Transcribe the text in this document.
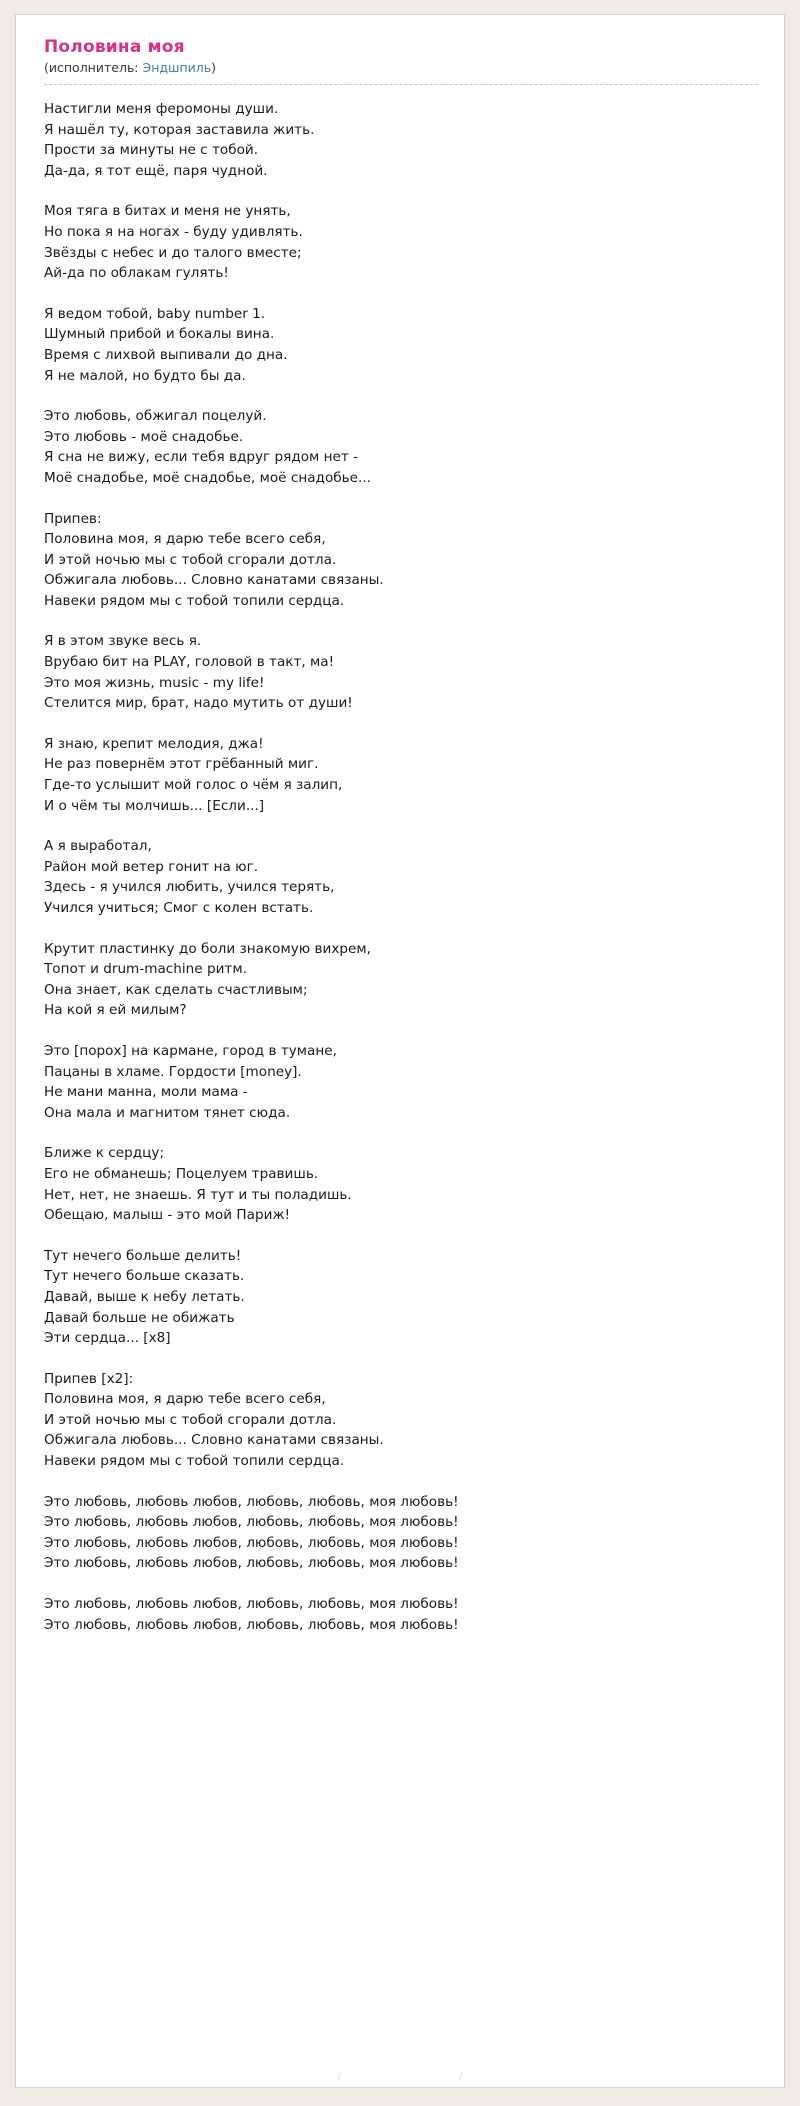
Половина моя
(исполнитель: Эндшпиль)
Настигли меня феромоны души.
Я нашёл ту, которая заставила жить.
Прости за минуты не с тобой.
Да-да, я тот ещё, паря чудной.
Моя тяга в битах и меня не унять,
Но пока я на ногах - буду удивлять.
Звёзды с небес и до талого вместе;
Ай-да по облакам гулять!
Я ведом тобой, baby number 1.
Шумный прибой и бокалы вина.
Время с лихвой выпивали до дна.
Я не малой, но будто бы да.
Это любовь, обжигал поцелуй.
Это любовь - моё снадобье.
Я сна не вижу, если тебя вдруг рядом нет -
Моё снадобье, моё снадобье, моё снадобье...
Припев:
Половина моя, я дарю тебе всего себя,
И этой ночью мы с тобой сгорали дотла.
Обжигала любовь... Словно канатами связаны.
Навеки рядом мы с тобой топили сердца.
Я в этом звуке весь я.
Врубаю бит на PLAY, головой в такт, ма!
Это моя жизнь, music - my life!
Стелится мир, брат, надо мутить от души!
Я знаю, крепит мелодия, джа!
Не раз повернём этот грёбанный миг.
Где-то услышит мой голос о чём я залип,
И о чём ты молчишь... [Если...]
А я выработал,
Район мой ветер гонит на юг.
Здесь - я учился любить, учился терять,
Учился учиться; Смог с колен встать.
Крутит пластинку до боли знакомую вихрем,
Топот и drum-machine ритм.
Она знает, как сделать счастливым;
На кой я ей милым?
Это [порох] на кармане, город в тумане,
Пацаны в хламе. Гордости [money].
Не мани манна, моли мама -
Она мала и магнитом тянет сюда.
Ближе к сердцу;
Его не обманешь; Поцелуем травишь.
Нет, нет, не знаешь. Я тут и ты поладишь.
Обещаю, малыш - это мой Париж!
Тут нечего больше делить!
Тут нечего больше сказать.
Давай, выше к небу летать.
Давай больше не обижать
Эти сердца... [x8]
Припев [x2]:
Половина моя, я дарю тебе всего себя,
И этой ночью мы с тобой сгорали дотла.
Обжигала любовь... Словно канатами связаны.
Навеки рядом мы с тобой топили сердца.
Это любовь, любовь любов, любовь, любовь, моя любовь!
Это любовь, любовь любов, любовь, любовь, моя любовь!
Это любовь, любовь любов, любовь, любовь, моя любовь!
Это любовь, любовь любов, любовь, любовь, моя любовь!
Это любовь, любовь любов, любовь, любовь, моя любовь!
Это любовь, любовь любов, любовь, любовь, моя любовь!
